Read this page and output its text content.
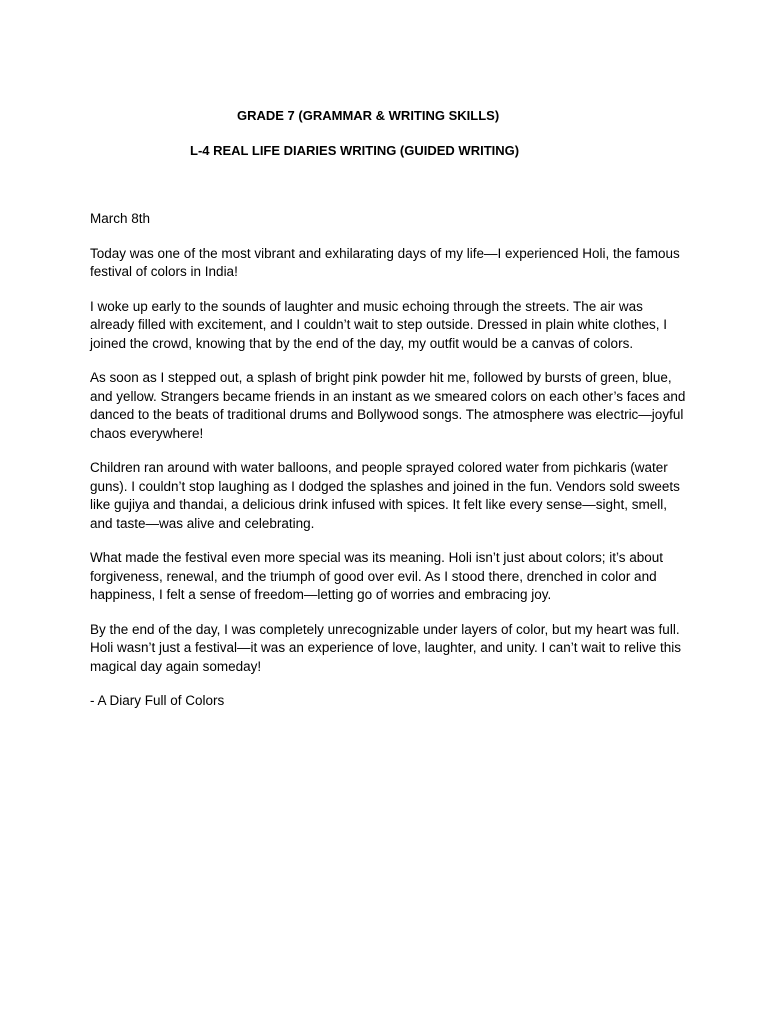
GRADE 7 (GRAMMAR & WRITING SKILLS)
L-4 REAL LIFE DIARIES WRITING (GUIDED WRITING)

March 8th

Today was one of the most vibrant and exhilarating days of my life—I experienced Holi, the famous festival of colors in India!

I woke up early to the sounds of laughter and music echoing through the streets. The air was already filled with excitement, and I couldn’t wait to step outside. Dressed in plain white clothes, I joined the crowd, knowing that by the end of the day, my outfit would be a canvas of colors.

As soon as I stepped out, a splash of bright pink powder hit me, followed by bursts of green, blue, and yellow. Strangers became friends in an instant as we smeared colors on each other’s faces and danced to the beats of traditional drums and Bollywood songs. The atmosphere was electric—joyful chaos everywhere!

Children ran around with water balloons, and people sprayed colored water from pichkaris (water guns). I couldn’t stop laughing as I dodged the splashes and joined in the fun. Vendors sold sweets like gujiya and thandai, a delicious drink infused with spices. It felt like every sense—sight, smell, and taste—was alive and celebrating.

What made the festival even more special was its meaning. Holi isn’t just about colors; it’s about forgiveness, renewal, and the triumph of good over evil. As I stood there, drenched in color and happiness, I felt a sense of freedom—letting go of worries and embracing joy.

By the end of the day, I was completely unrecognizable under layers of color, but my heart was full. Holi wasn’t just a festival—it was an experience of love, laughter, and unity. I can’t wait to relive this magical day again someday!

- A Diary Full of Colors
